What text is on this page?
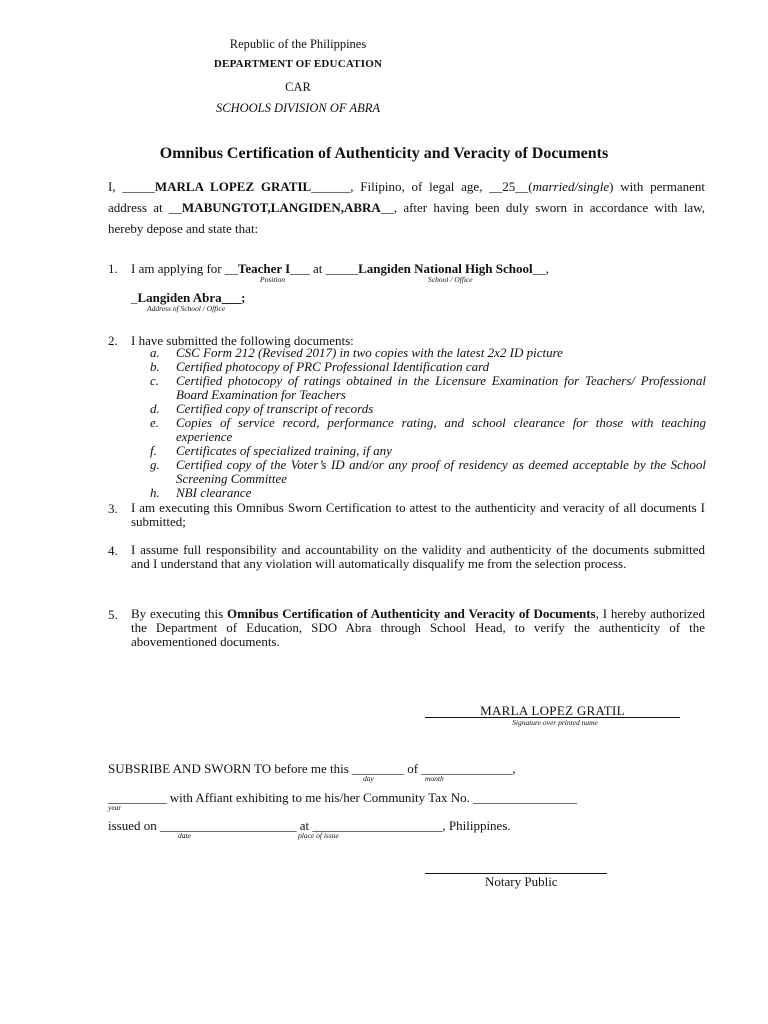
Republic of the Philippines
DEPARTMENT OF EDUCATION
CAR
SCHOOLS DIVISION OF ABRA
Omnibus Certification of Authenticity and Veracity of Documents
I, _____MARLA LOPEZ GRATIL______, Filipino, of legal age, __25__(married/single) with permanent address at __MABUNGTOT,LANGIDEN,ABRA__, after having been duly sworn in accordance with law, hereby depose and state that:
1. I am applying for __Teacher I___ at _____Langiden National High School__,
Position	School / Office
_Langiden Abra___;
Address of School / Office
2. I have submitted the following documents:
a.	CSC Form 212 (Revised 2017) in two copies with the latest 2x2 ID picture
b.	Certified photocopy of PRC Professional Identification card
c.	Certified photocopy of ratings obtained in the Licensure Examination for Teachers/ Professional Board Examination for Teachers
d.	Certified copy of transcript of records
e.	Copies of service record, performance rating, and school clearance for those with teaching experience
f.	Certificates of specialized training, if any
g.	Certified copy of the Voter’s ID and/or any proof of residency as deemed acceptable by the School Screening Committee
h.	NBI clearance
3. I am executing this Omnibus Sworn Certification to attest to the authenticity and veracity of all documents I submitted;
4. I assume full responsibility and accountability on the validity and authenticity of the documents submitted and I understand that any violation will automatically disqualify me from the selection process.
5. By executing this Omnibus Certification of Authenticity and Veracity of Documents, I hereby authorized the Department of Education, SDO Abra through School Head, to verify the authenticity of the abovementioned documents.
MARLA LOPEZ GRATIL
Signature over printed name
SUBSRIBE AND SWORN TO before me this ________ of ______________,
day	month
_________ with Affiant exhibiting to me his/her Community Tax No. ________________
year
issued on _____________________ at ____________________, Philippines.
date	place of issue
Notary Public
